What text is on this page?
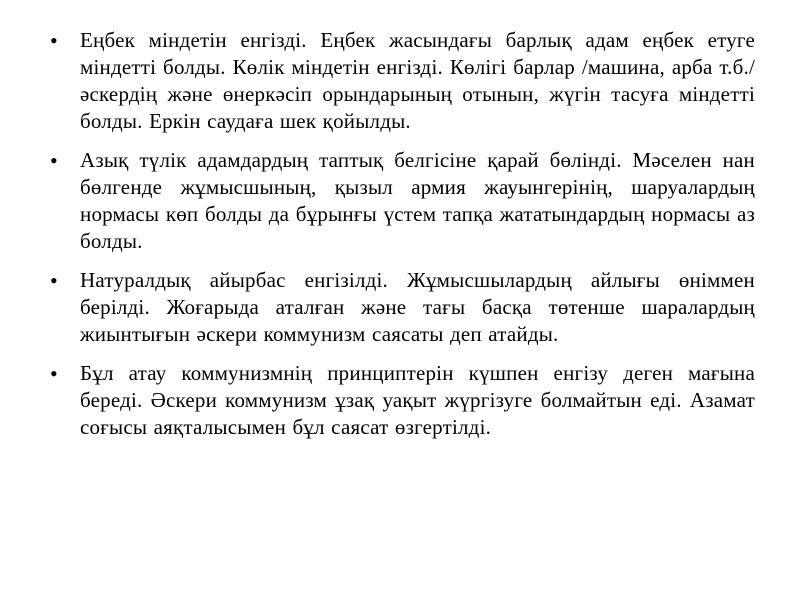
• Еңбек міндетін енгізді. Еңбек жасындағы барлық адам еңбек етуге міндетті болды. Көлік міндетін енгізді. Көлігі барлар /машина, арба т.б./ әскердің және өнеркәсіп орындарының отынын, жүгін тасуға міндетті болды. Еркін саудаға шек қойылды.
• Азық түлік адамдардың таптық белгісіне қарай бөлінді. Мәселен нан бөлгенде жұмысшының, қызыл армия жауынгерінің, шаруалардың нормасы көп болды да бұрынғы үстем тапқа жататындардың нормасы аз болды.
• Натуралдық айырбас енгізілді. Жұмысшылардың айлығы өніммен берілді. Жоғарыда аталған және тағы басқа төтенше шаралардың жиынтығын әскери коммунизм саясаты деп атайды.
• Бұл атау коммунизмнің принциптерін күшпен енгізу деген мағына береді. Әскери коммунизм ұзақ уақыт жүргізуге болмайтын еді. Азамат соғысы аяқталысымен бұл саясат өзгертілді.
